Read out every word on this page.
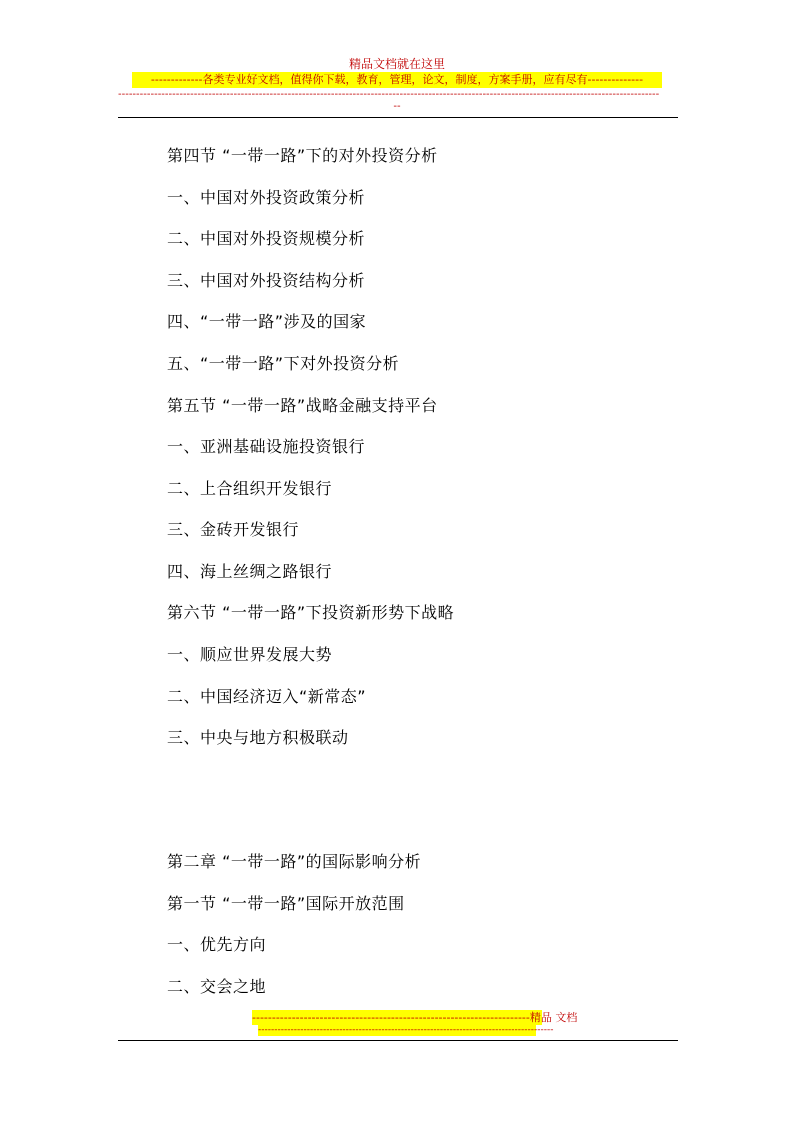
精品文档就在这里
-------------各类专业好文档，值得你下载，教育，管理，论文，制度，方案手册，应有尽有--------------
------------------------------------------------------------------------------------------------------------------------------------------------------
--
第四节 “一带一路”下的对外投资分析
一、中国对外投资政策分析
二、中国对外投资规模分析
三、中国对外投资结构分析
四、“一带一路”涉及的国家
五、“一带一路”下对外投资分析
第五节 “一带一路”战略金融支持平台
一、亚洲基础设施投资银行
二、上合组织开发银行
三、金砖开发银行
四、海上丝绸之路银行
第六节 “一带一路”下投资新形势下战略
一、顺应世界发展大势
二、中国经济迈入“新常态”
三、中央与地方积极联动
第二章 “一带一路”的国际影响分析
第一节 “一带一路”国际开放范围
一、优先方向
二、交会之地
----------------------------------------------------------------------精品 文档
-------------------------------------------------------------------------------------------
